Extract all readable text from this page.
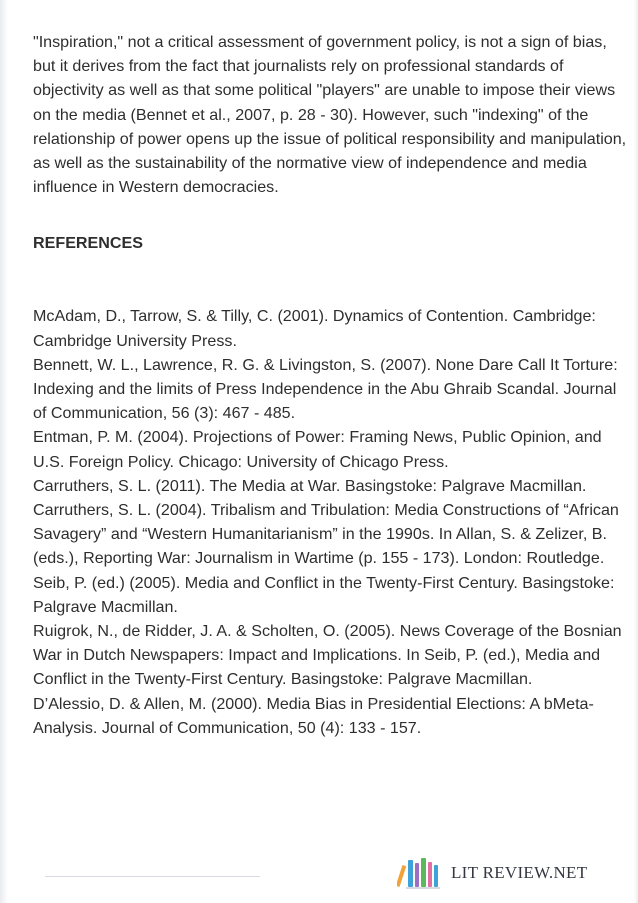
"Inspiration," not a critical assessment of government policy, is not a sign of bias, but it derives from the fact that journalists rely on professional standards of objectivity as well as that some political "players" are unable to impose their views on the media (Bennet et al., 2007, p. 28 - 30). However, such "indexing" of the relationship of power opens up the issue of political responsibility and manipulation, as well as the sustainability of the normative view of independence and media influence in Western democracies.

REFERENCES

McAdam, D., Tarrow, S. & Tilly, C. (2001). Dynamics of Contention. Cambridge: Cambridge University Press.

Bennett, W. L., Lawrence, R. G. & Livingston, S. (2007). None Dare Call It Torture: Indexing and the limits of Press Independence in the Abu Ghraib Scandal. Journal of Communication, 56 (3): 467 - 485.

Entman, P. M. (2004). Projections of Power: Framing News, Public Opinion, and U.S. Foreign Policy. Chicago: University of Chicago Press.

Carruthers, S. L. (2011). The Media at War. Basingstoke: Palgrave Macmillan.

Carruthers, S. L. (2004). Tribalism and Tribulation: Media Constructions of “African Savagery” and “Western Humanitarianism” in the 1990s. In Allan, S. & Zelizer, B. (eds.), Reporting War: Journalism in Wartime (p. 155 - 173). London: Routledge.

Seib, P. (ed.) (2005). Media and Conflict in the Twenty-First Century. Basingstoke: Palgrave Macmillan.

Ruigrok, N., de Ridder, J. A. & Scholten, O. (2005). News Coverage of the Bosnian War in Dutch Newspapers: Impact and Implications. In Seib, P. (ed.), Media and Conflict in the Twenty-First Century. Basingstoke: Palgrave Macmillan.

D’Alessio, D. & Allen, M. (2000). Media Bias in Presidential Elections: A bMeta-Analysis. Journal of Communication, 50 (4): 133 - 157.

LIT REVIEW.NET
